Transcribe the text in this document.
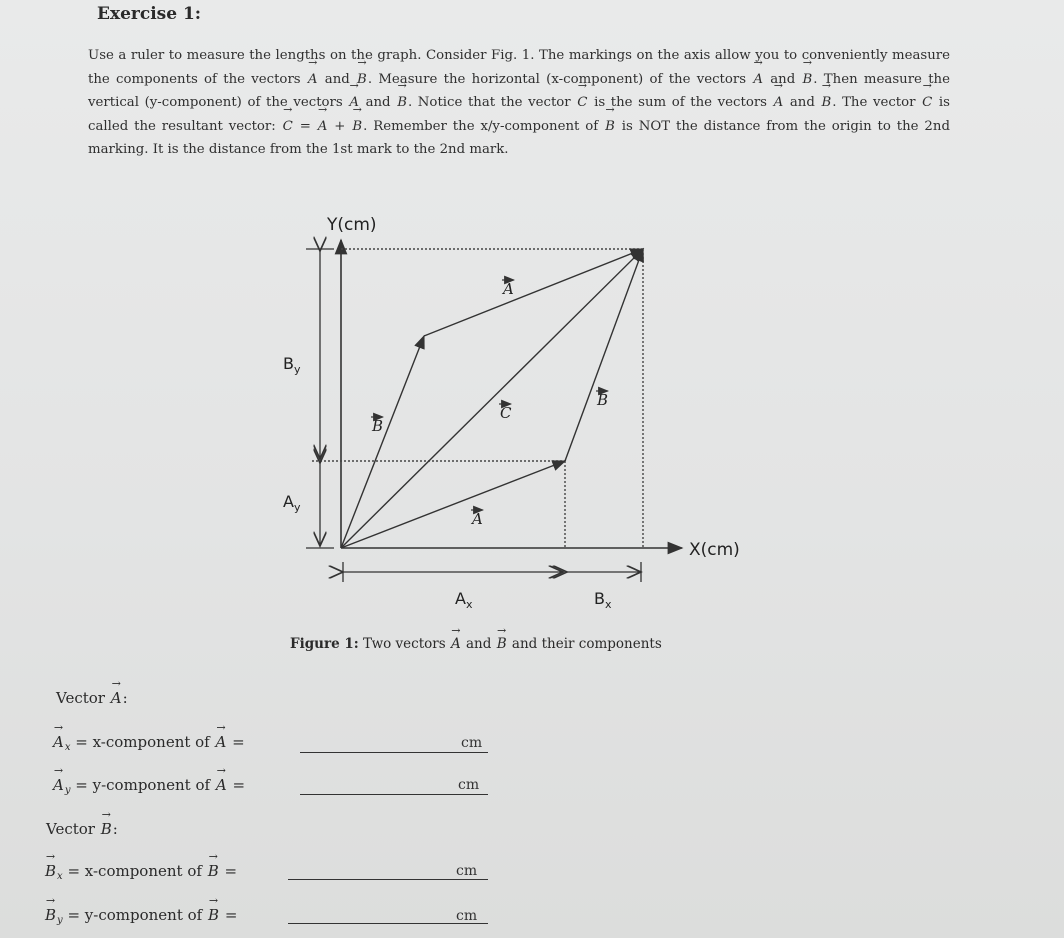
Exercise 1:
Use a ruler to measure the lengths on the graph. Consider Fig. 1. The markings on the axis allow you to conveniently measure the components of the vectors → A and → B. Measure the horizontal (x-component) of the vectors → A and → B. Then measure the vertical (y-component) of the vectors → A and → B. Notice that the vector → C is the sum of the vectors → A and → B. The vector → C is called the resultant vector: → C = → A + → B. Remember the x/y-component of → B is NOT the distance from the origin to the 2nd marking. It is the distance from the 1st mark to the 2nd mark.
Y(cm)
X(cm)
$B_y$
$A_y$
$A_x$	$B_x$
A
A
B
B
C
Figure 1: Two vectors → A and → B and their components
Vector → A:
→ $A_x$ = x-component of → A =	cm
→ $A_y$ = y-component of → A =	cm
Vector → B:
→ $B_x$ = x-component of → B =	cm
→ $B_y$ = y-component of → B =	cm
